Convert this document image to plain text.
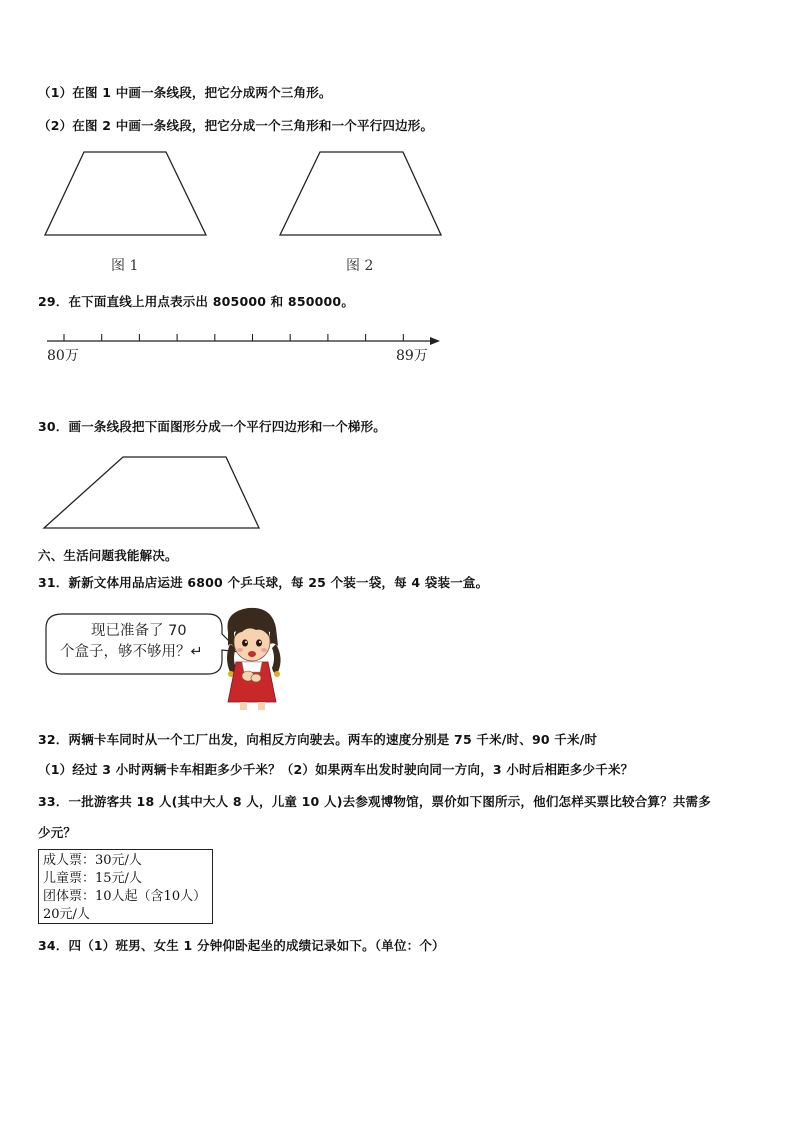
（1）在图 1 中画一条线段，把它分成两个三角形。
（2）在图 2 中画一条线段，把它分成一个三角形和一个平行四边形。
图 1	图 2
29．在下面直线上用点表示出 805000 和 850000。
80万	89万
30．画一条线段把下面图形分成一个平行四边形和一个梯形。
六、生活问题我能解决。
31．新新文体用品店运进 6800 个乒乓球，每 25 个装一袋，每 4 袋装一盒。
现已准备了 70
个盒子，够不够用？↵
32．两辆卡车同时从一个工厂出发，向相反方向驶去。两车的速度分别是 75 千米/时、90 千米/时
（1）经过 3 小时两辆卡车相距多少千米？（2）如果两车出发时驶向同一方向，3 小时后相距多少千米？
33．一批游客共 18 人(其中大人 8 人，儿童 10 人)去参观博物馆，票价如下图所示，他们怎样买票比较合算？共需多
少元？
成人票：30元/人
儿童票：15元/人
团体票：10人起（含10人）
20元/人
34．四（1）班男、女生 1 分钟仰卧起坐的成绩记录如下。（单位：个）
